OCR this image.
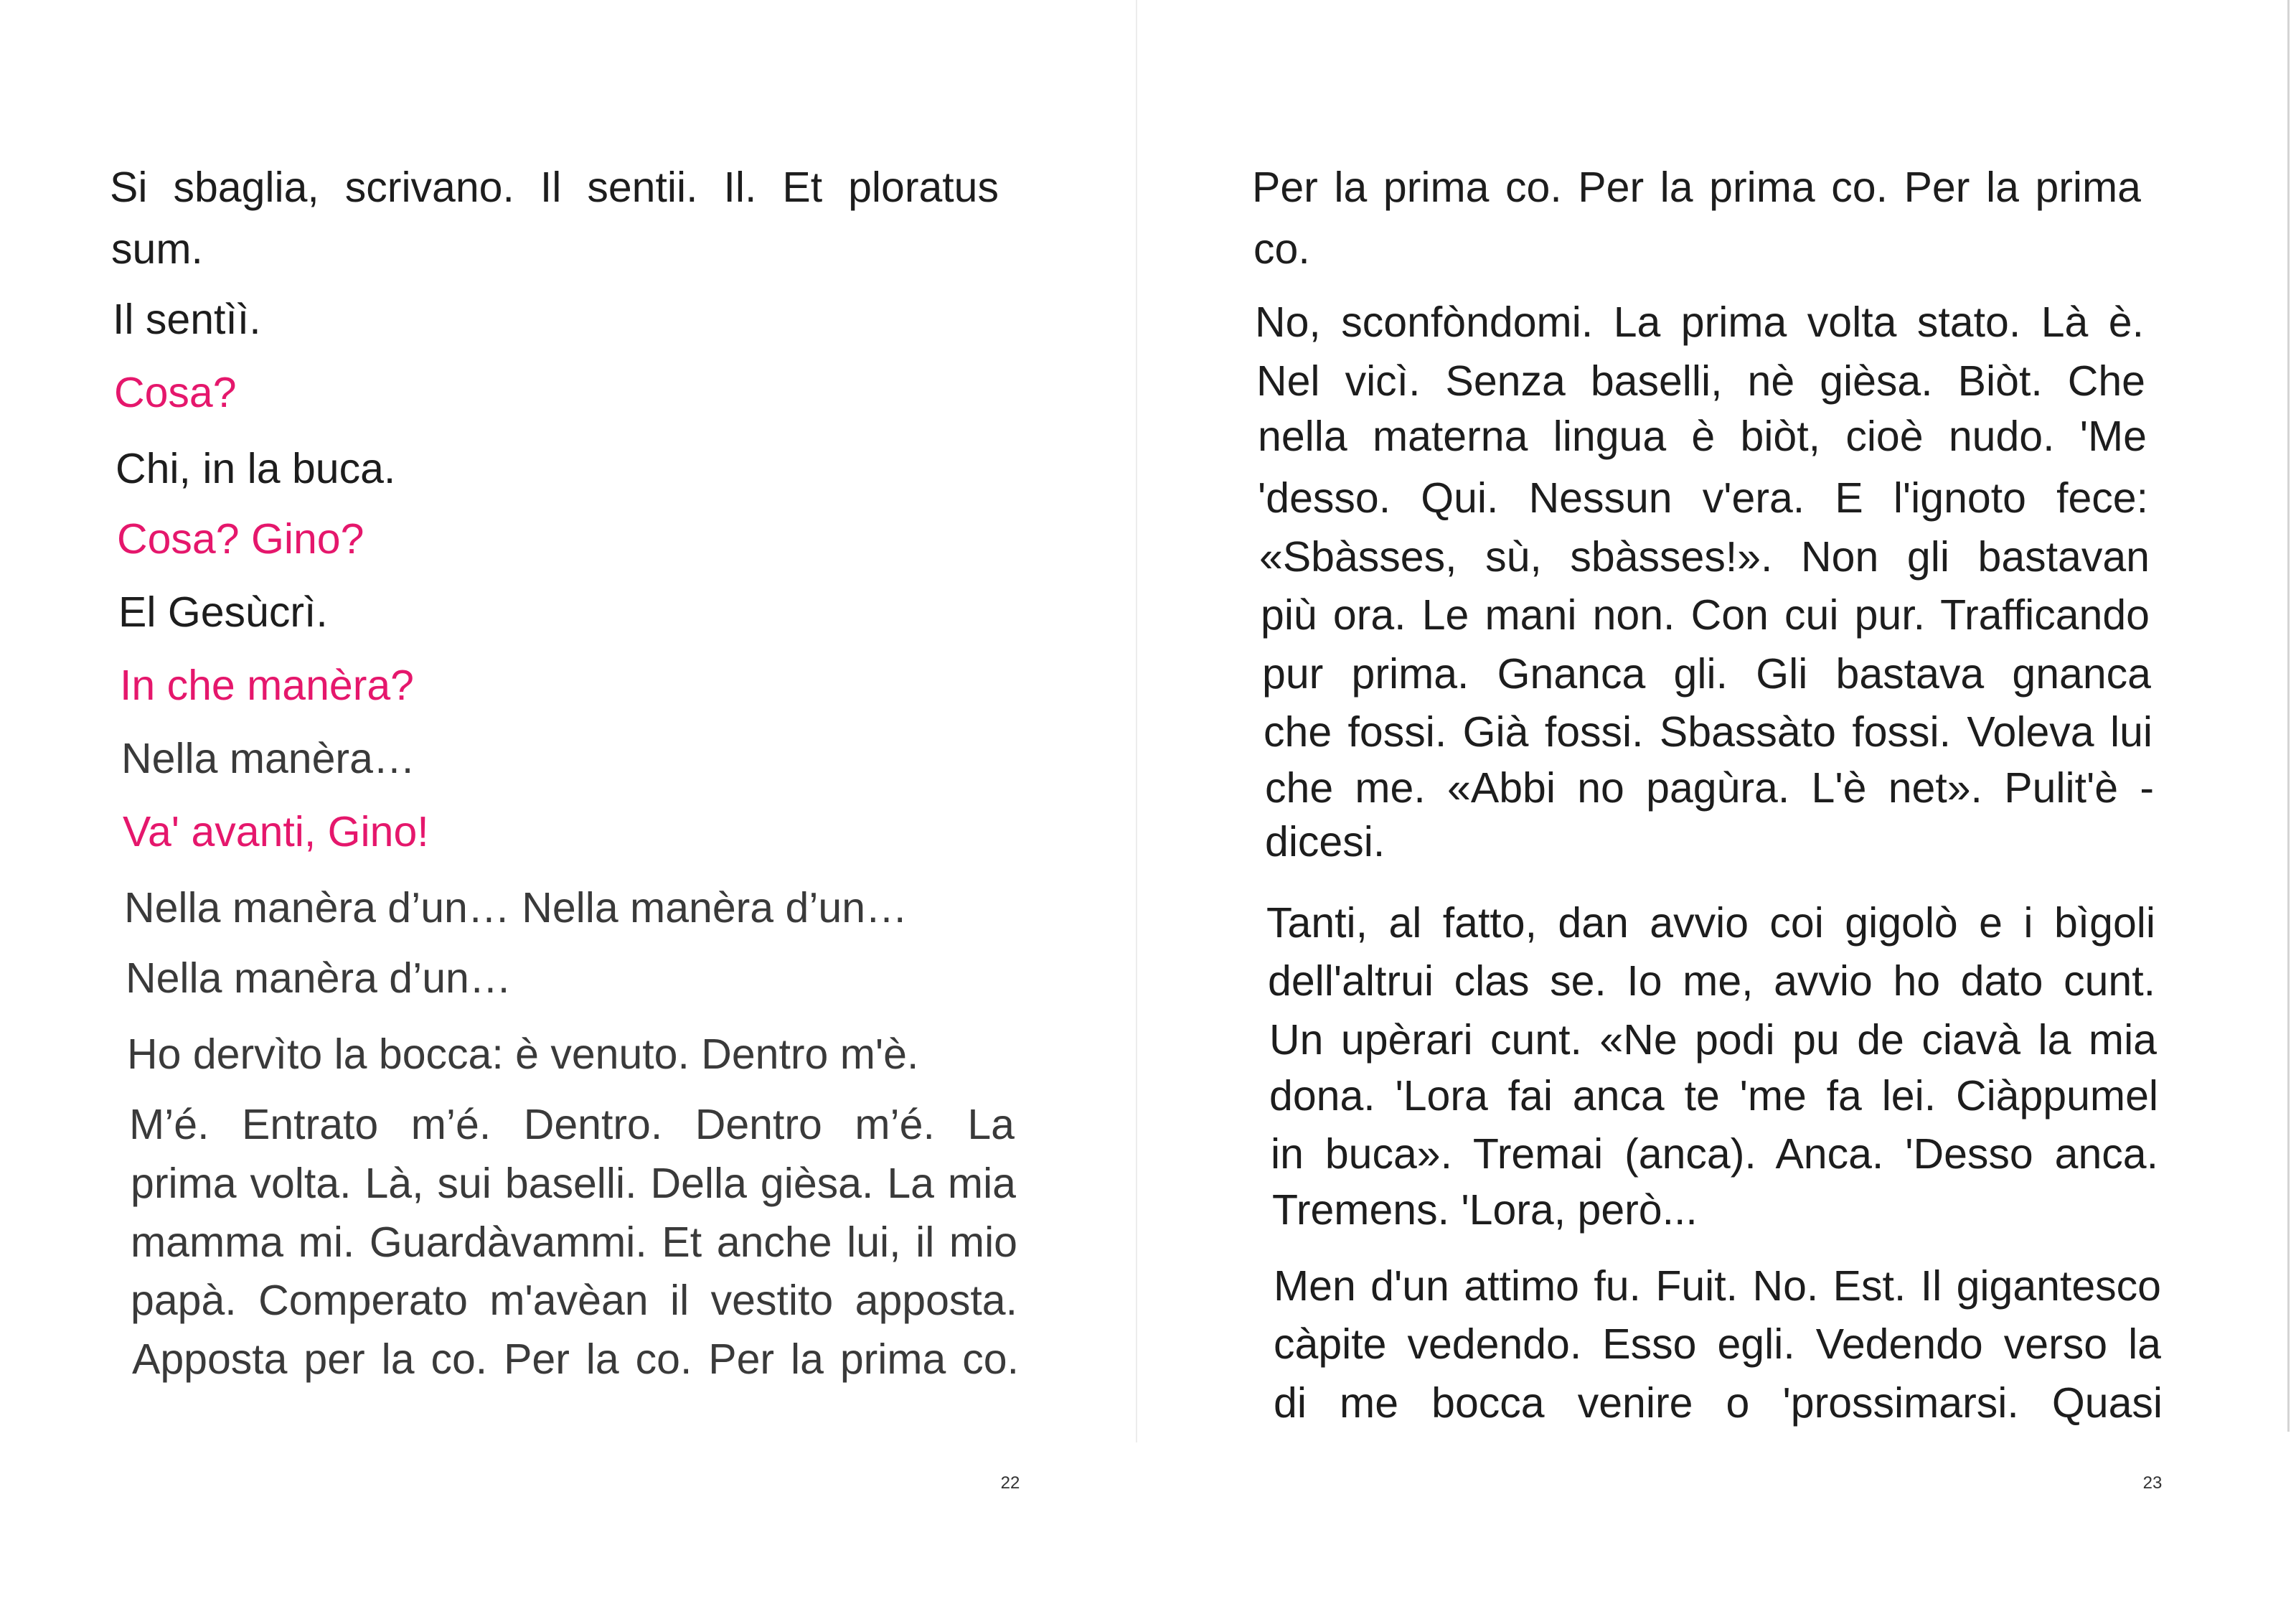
Si sbaglia, scrivano. Il sentii. Il. Et ploratus
sum.
Il sentìì.
Cosa?
Chi, in la buca.
Cosa? Gino?
El Gesùcrì.
In che manèra?
Nella manèra…
Va' avanti, Gino!
Nella manèra d’un… Nella manèra d’un…
Nella manèra d’un…
Ho dervìto la bocca: è venuto. Dentro m'è.
M’é. Entrato m’é. Dentro. Dentro m’é. La
prima volta. Là, sui baselli. Della gièsa. La mia
mamma mi. Guardàvammi. Et anche lui, il mio
papà. Comperato m'avèan il vestito apposta.
Apposta per la co. Per la co. Per la prima co.
22
Per la prima co. Per la prima co. Per la prima
co.
No, sconfòndomi. La prima volta stato. Là è.
Nel vicì. Senza baselli, nè gièsa. Biòt. Che
nella materna lingua è biòt, cioè nudo. 'Me
'desso. Qui. Nessun v'era. E l'ignoto fece:
«Sbàsses, sù, sbàsses!». Non gli bastavan
più ora. Le mani non. Con cui pur. Trafficando
pur prima. Gnanca gli. Gli bastava gnanca
che fossi. Già fossi. Sbassàto fossi. Voleva lui
che me. «Abbi no pagùra. L'è net». Pulit'è -
dicesi.
Tanti, al fatto, dan avvio coi gigolò e i bìgoli
dell'altrui clas se. Io me, avvio ho dato cunt.
Un upèrari cunt. «Ne podi pu de ciavà la mia
dona. 'Lora fai anca te 'me fa lei. Ciàppumel
in buca». Tremai (anca). Anca. 'Desso anca.
Tremens. 'Lora, però...
Men d'un attimo fu. Fuit. No. Est. Il gigantesco
càpite vedendo. Esso egli. Vedendo verso la
di me bocca venire o 'prossimarsi. Quasi
23
